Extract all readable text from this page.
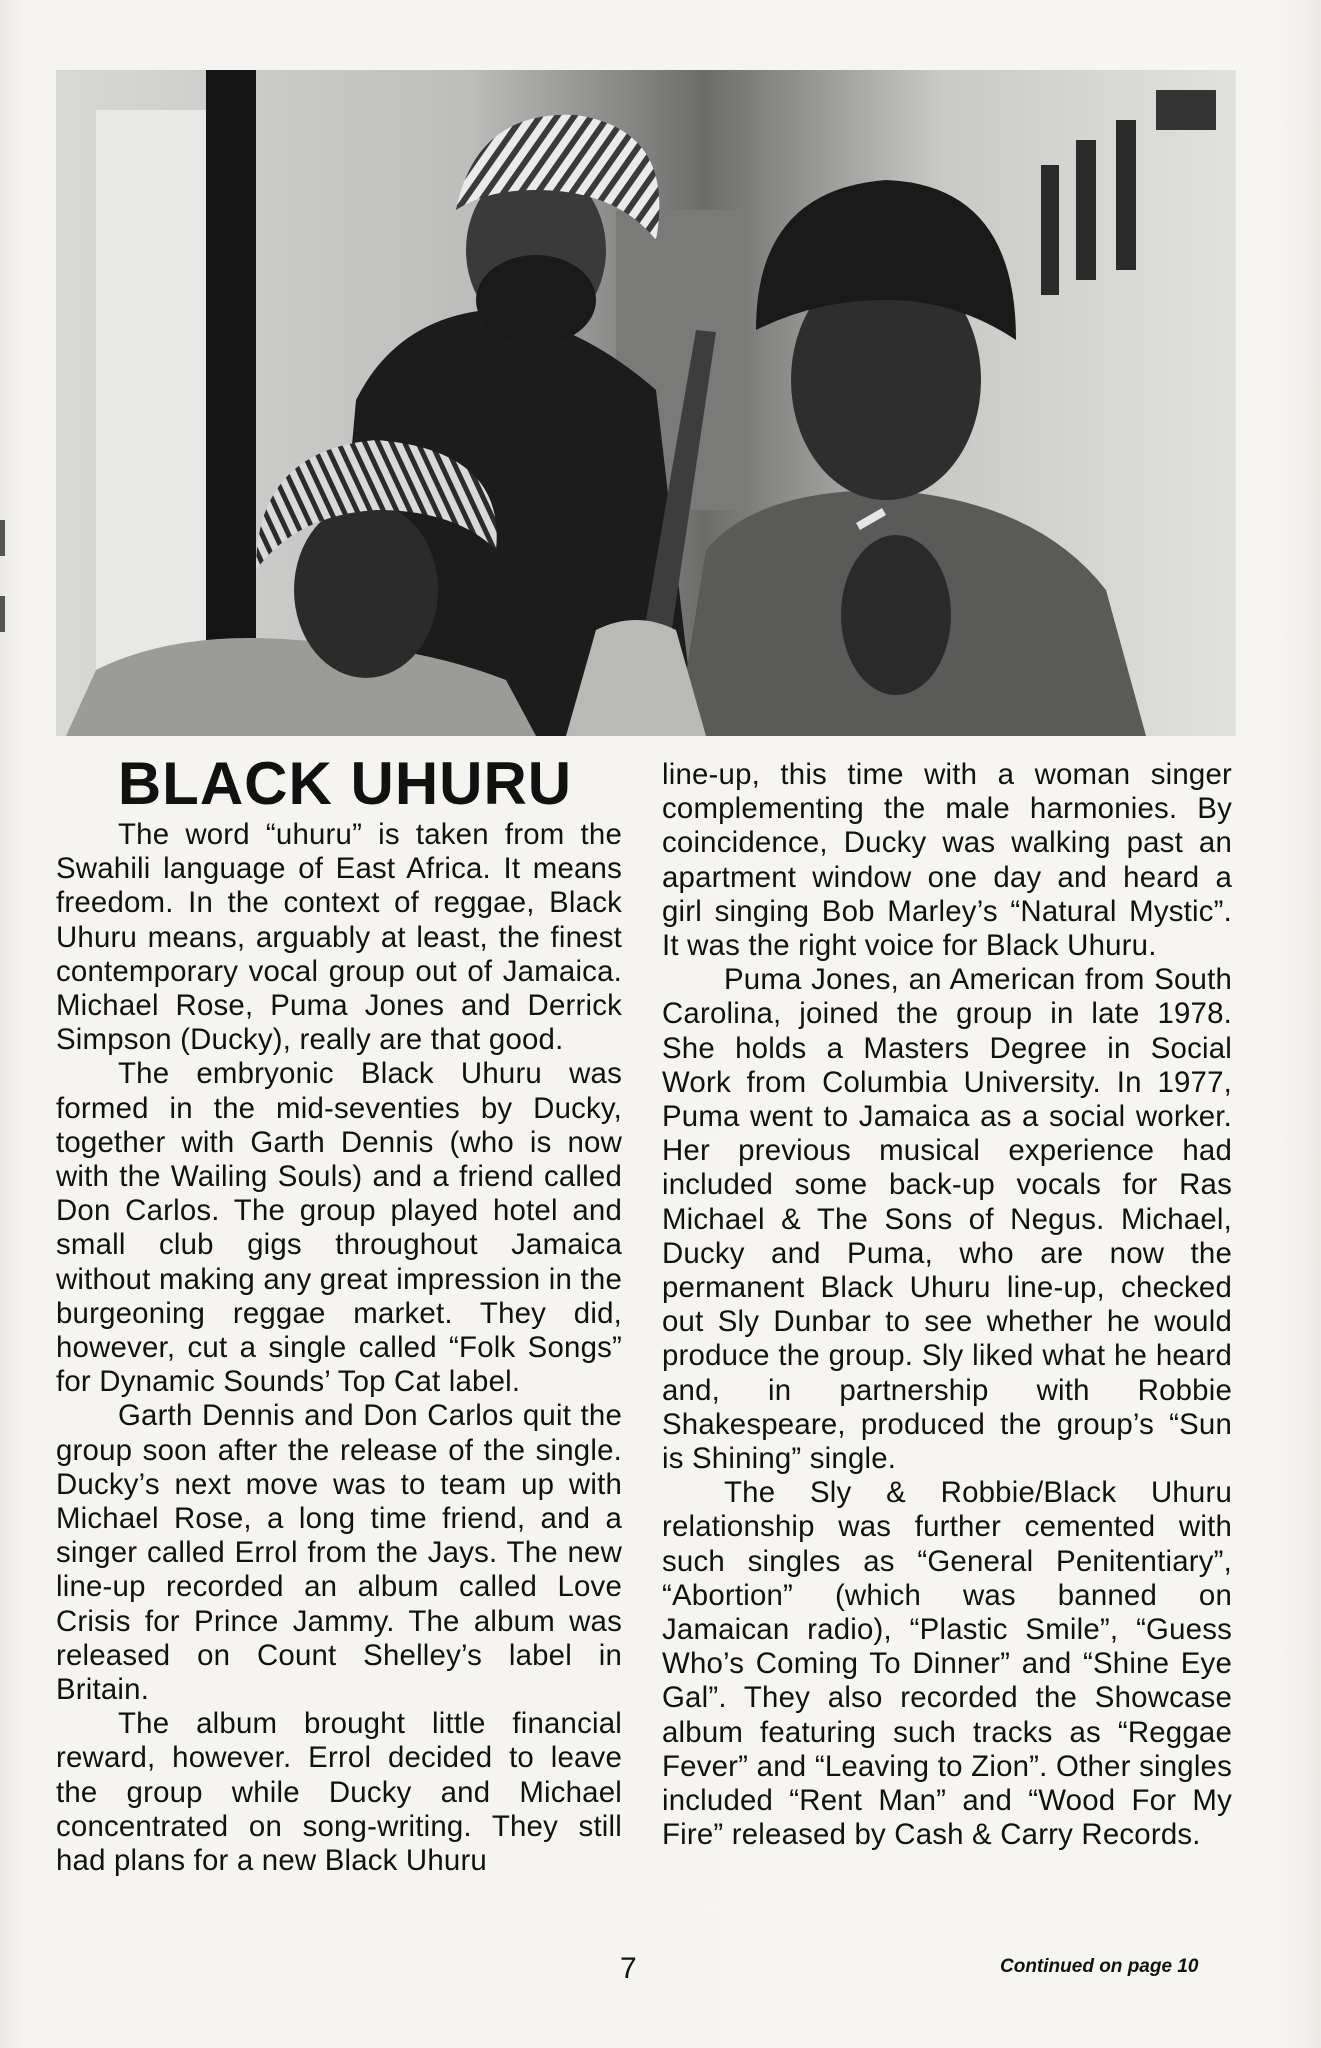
BLACK UHURU

The word “uhuru” is taken from the Swahili language of East Africa. It means freedom. In the context of reggae, Black Uhuru means, arguably at least, the finest contemporary vocal group out of Jamaica. Michael Rose, Puma Jones and Derrick Simpson (Ducky), really are that good.

The embryonic Black Uhuru was formed in the mid-seventies by Ducky, together with Garth Dennis (who is now with the Wailing Souls) and a friend called Don Carlos. The group played hotel and small club gigs throughout Jamaica without making any great impression in the burgeoning reggae market. They did, however, cut a single called “Folk Songs” for Dynamic Sounds’ Top Cat label.

Garth Dennis and Don Carlos quit the group soon after the release of the single. Ducky’s next move was to team up with Michael Rose, a long time friend, and a singer called Errol from the Jays. The new line-up recorded an album called Love Crisis for Prince Jammy. The album was released on Count Shelley’s label in Britain.

The album brought little financial reward, however. Errol decided to leave the group while Ducky and Michael concentrated on song-writing. They still had plans for a new Black Uhuru

line-up, this time with a woman singer complementing the male harmonies. By coincidence, Ducky was walking past an apartment window one day and heard a girl singing Bob Marley’s “Natural Mystic”. It was the right voice for Black Uhuru.

Puma Jones, an American from South Carolina, joined the group in late 1978. She holds a Masters Degree in Social Work from Columbia University. In 1977, Puma went to Jamaica as a social worker. Her previous musical experience had included some back-up vocals for Ras Michael & The Sons of Negus. Michael, Ducky and Puma, who are now the permanent Black Uhuru line-up, checked out Sly Dunbar to see whether he would produce the group. Sly liked what he heard and, in partnership with Robbie Shakespeare, produced the group’s “Sun is Shining” single.

The Sly & Robbie/Black Uhuru relationship was further cemented with such singles as “General Penitentiary”, “Abortion” (which was banned on Jamaican radio), “Plastic Smile”, “Guess Who’s Coming To Dinner” and “Shine Eye Gal”. They also recorded the Showcase album featuring such tracks as “Reggae Fever” and “Leaving to Zion”. Other singles included “Rent Man” and “Wood For My Fire” released by Cash & Carry Records.

7	Continued on page 10
